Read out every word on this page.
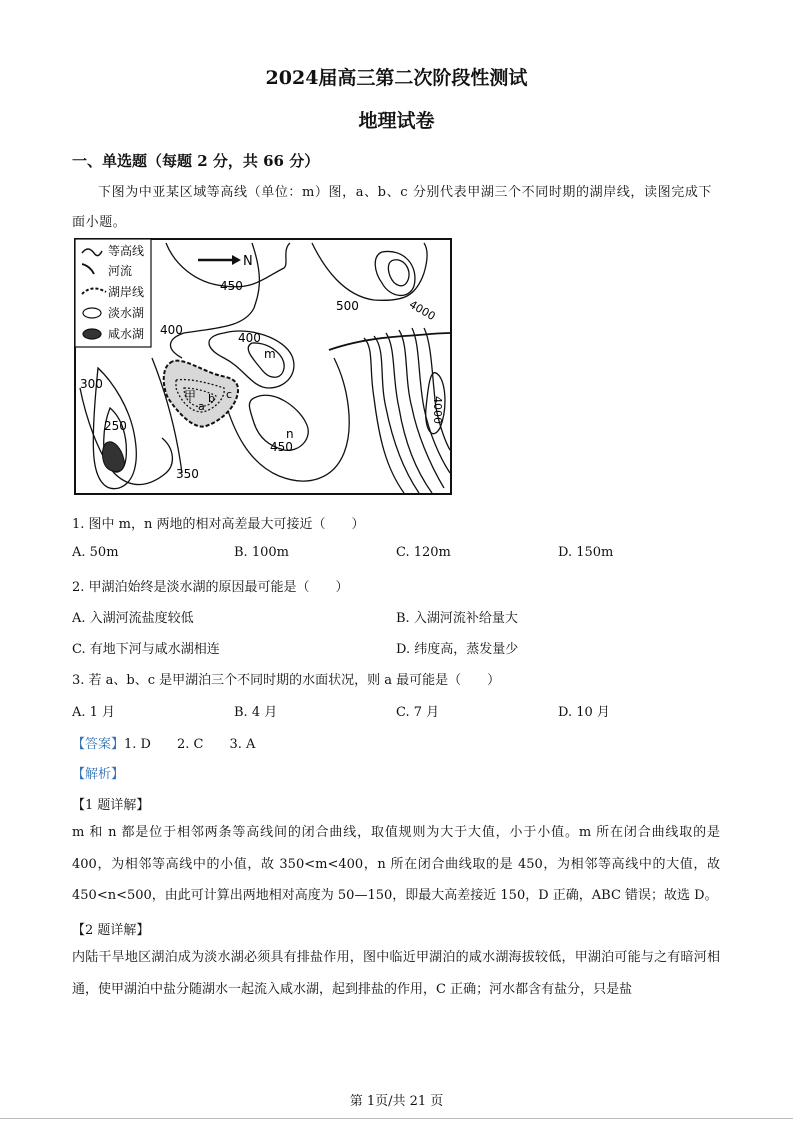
2024届高三第二次阶段性测试
地理试卷
一、单选题（每题 2 分，共 66 分）
下图为中亚某区域等高线（单位：m）图，a、b、c 分别代表甲湖三个不同时期的湖岸线，读图完成下面小题。
等高线
河流
湖岸线
淡水湖
咸水湖
N
450
500
400
400
300
250
350
450
4000
4000
m
n
甲
a
b c
1. 图中 m，n 两地的相对高差最大可接近（　　）
A. 50m	B. 100m	C. 120m	D. 150m
2. 甲湖泊始终是淡水湖的原因最可能是（　　）
A. 入湖河流盐度较低	B. 入湖河流补给量大
C. 有地下河与咸水湖相连	D. 纬度高，蒸发量少
3. 若 a、b、c 是甲湖泊三个不同时期的水面状况，则 a 最可能是（　　）
A. 1 月	B. 4 月	C. 7 月	D. 10 月
【答案】1. D　　2. C　　3. A
【解析】
【1 题详解】
m 和 n 都是位于相邻两条等高线间的闭合曲线，取值规则为大于大值，小于小值。m 所在闭合曲线取的是 400，为相邻等高线中的小值，故 350<m<400，n 所在闭合曲线取的是 450，为相邻等高线中的大值，故 450<n<500，由此可计算出两地相对高度为 50—150，即最大高差接近 150，D 正确，ABC 错误；故选 D。
【2 题详解】
内陆干旱地区湖泊成为淡水湖必须具有排盐作用，图中临近甲湖泊的咸水湖海拔较低，甲湖泊可能与之有暗河相通，使甲湖泊中盐分随湖水一起流入咸水湖，起到排盐的作用，C 正确；河水都含有盐分，只是盐
第 1页/共 21 页
